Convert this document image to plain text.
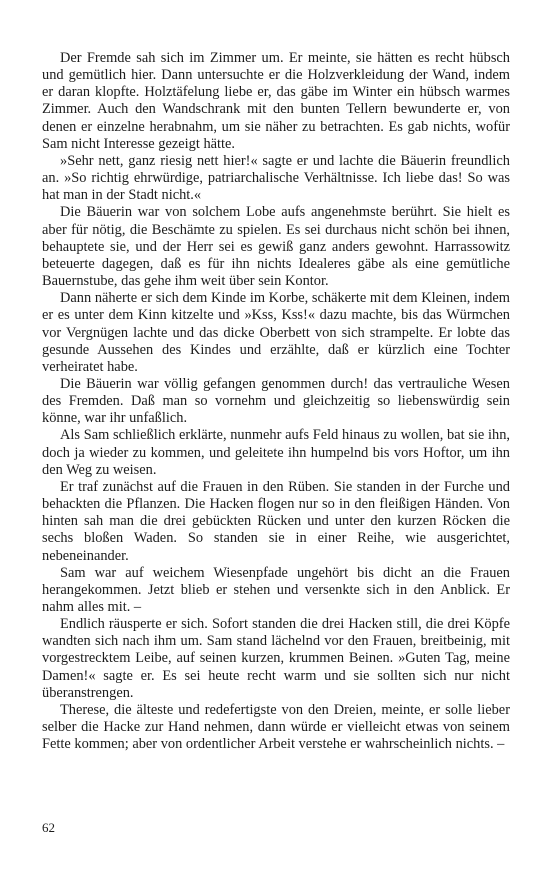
Der Fremde sah sich im Zimmer um. Er meinte, sie hätten es recht hübsch und gemütlich hier. Dann untersuchte er die Holzverkleidung der Wand, indem er daran klopfte. Holztäfelung liebe er, das gäbe im Winter ein hübsch warmes Zimmer. Auch den Wandschrank mit den bunten Tellern bewunderte er, von denen er einzelne herabnahm, um sie näher zu betrachten. Es gab nichts, wofür Sam nicht Interesse gezeigt hätte.

»Sehr nett, ganz riesig nett hier!« sagte er und lachte die Bäuerin freundlich an. »So richtig ehrwürdige, patriarchalische Verhältnisse. Ich liebe das! So was hat man in der Stadt nicht.«

Die Bäuerin war von solchem Lobe aufs angenehmste berührt. Sie hielt es aber für nötig, die Beschämte zu spielen. Es sei durchaus nicht schön bei ihnen, behauptete sie, und der Herr sei es gewiß ganz anders gewohnt. Harrassowitz beteuerte dagegen, daß es für ihn nichts Idealeres gäbe als eine gemütliche Bauernstube, das gehe ihm weit über sein Kontor.

Dann näherte er sich dem Kinde im Korbe, schäkerte mit dem Kleinen, indem er es unter dem Kinn kitzelte und »Kss, Kss!« dazu machte, bis das Würmchen vor Vergnügen lachte und das dicke Oberbett von sich strampelte. Er lobte das gesunde Aussehen des Kindes und erzählte, daß er kürzlich eine Tochter verheiratet habe.

Die Bäuerin war völlig gefangen genommen durch! das vertrauliche Wesen des Fremden. Daß man so vornehm und gleichzeitig so liebenswürdig sein könne, war ihr unfaßlich.

Als Sam schließlich erklärte, nunmehr aufs Feld hinaus zu wollen, bat sie ihn, doch ja wieder zu kommen, und geleitete ihn humpelnd bis vors Hoftor, um ihn den Weg zu weisen.

Er traf zunächst auf die Frauen in den Rüben. Sie standen in der Furche und behackten die Pflanzen. Die Hacken flogen nur so in den fleißigen Händen. Von hinten sah man die drei gebückten Rücken und unter den kurzen Röcken die sechs bloßen Waden. So standen sie in einer Reihe, wie ausgerichtet, nebeneinander.

Sam war auf weichem Wiesenpfade ungehört bis dicht an die Frauen herangekommen. Jetzt blieb er stehen und versenkte sich in den Anblick. Er nahm alles mit. –

Endlich räusperte er sich. Sofort standen die drei Hacken still, die drei Köpfe wandten sich nach ihm um. Sam stand lächelnd vor den Frauen, breitbeinig, mit vorgestrecktem Leibe, auf seinen kurzen, krummen Beinen. »Guten Tag, meine Damen!« sagte er. Es sei heute recht warm und sie sollten sich nur nicht überanstrengen.

Therese, die älteste und redefertigste von den Dreien, meinte, er solle lieber selber die Hacke zur Hand nehmen, dann würde er vielleicht etwas von seinem Fette kommen; aber von ordentlicher Arbeit verstehe er wahrscheinlich nichts. –

62
